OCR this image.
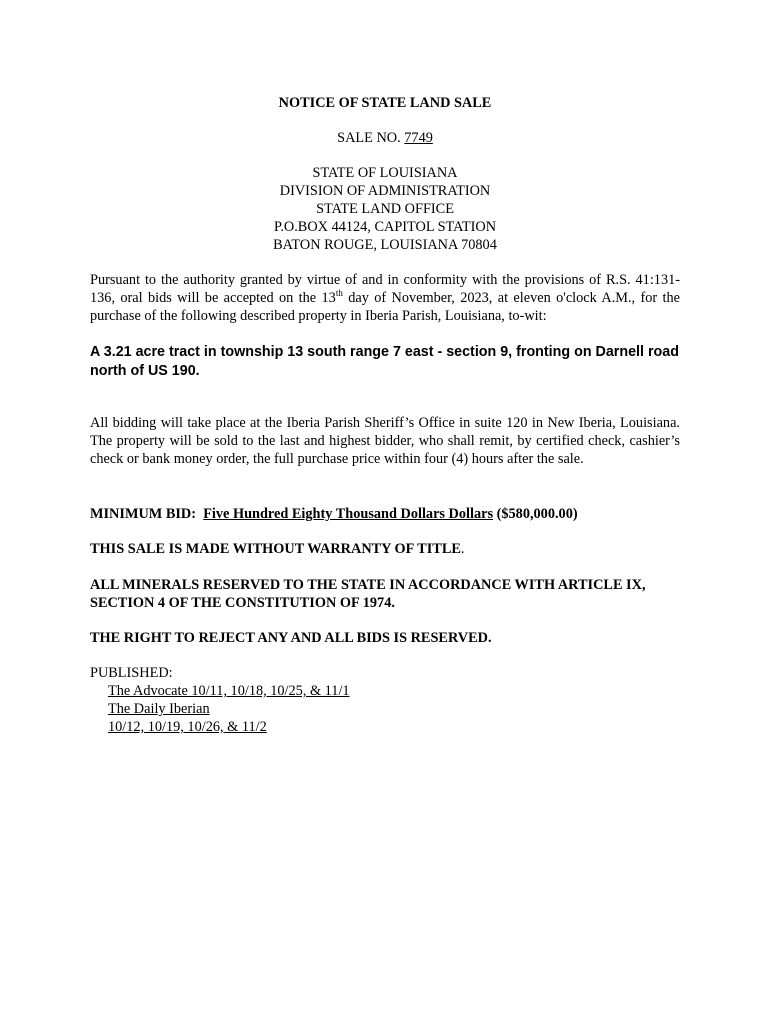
NOTICE OF STATE LAND SALE
SALE NO. 7749
STATE OF LOUISIANA
DIVISION OF ADMINISTRATION
STATE LAND OFFICE
P.O.BOX 44124, CAPITOL STATION
BATON ROUGE, LOUISIANA 70804
Pursuant to the authority granted by virtue of and in conformity with the provisions of R.S. 41:131-136, oral bids will be accepted on the 13th day of November, 2023, at eleven o'clock A.M., for the purchase of the following described property in Iberia Parish, Louisiana, to-wit:
A 3.21 acre tract in township 13 south range 7 east - section 9, fronting on Darnell road north of US 190.
All bidding will take place at the Iberia Parish Sheriff’s Office in suite 120 in New Iberia, Louisiana. The property will be sold to the last and highest bidder, who shall remit, by certified check, cashier’s check or bank money order, the full purchase price within four (4) hours after the sale.
MINIMUM BID: Five Hundred Eighty Thousand Dollars Dollars ($580,000.00)
THIS SALE IS MADE WITHOUT WARRANTY OF TITLE.
ALL MINERALS RESERVED TO THE STATE IN ACCORDANCE WITH ARTICLE IX, SECTION 4 OF THE CONSTITUTION OF 1974.
THE RIGHT TO REJECT ANY AND ALL BIDS IS RESERVED.
PUBLISHED:
The Advocate 10/11, 10/18, 10/25, & 11/1
The Daily Iberian
10/12, 10/19, 10/26, & 11/2
